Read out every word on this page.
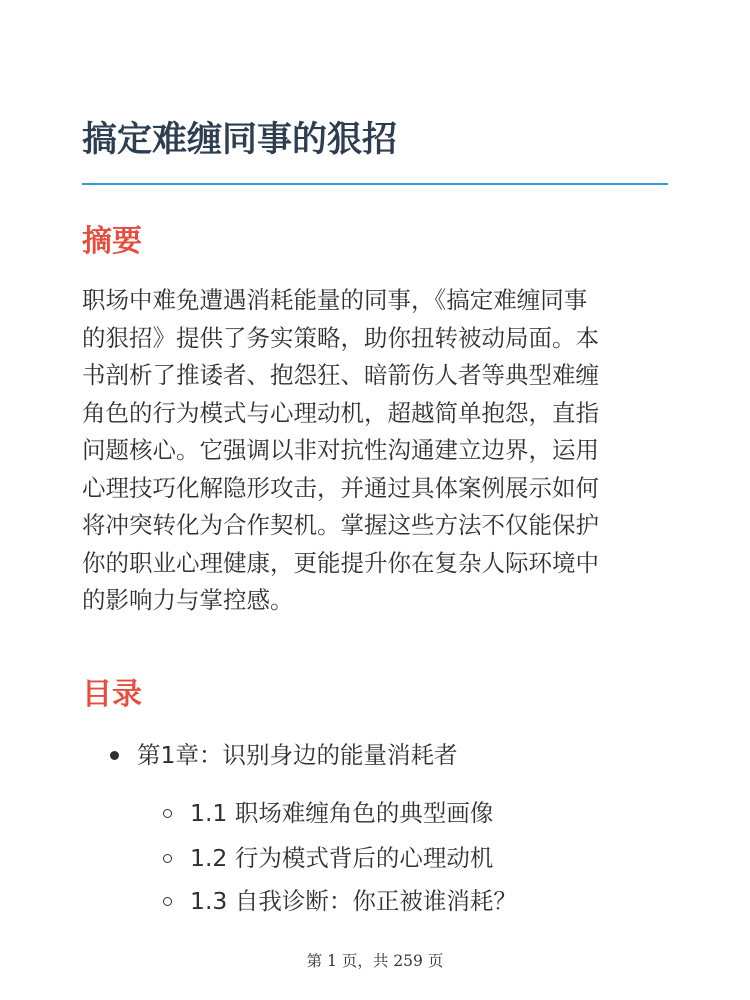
搞定难缠同事的狠招
摘要

职场中难免遭遇消耗能量的同事，《搞定难缠同事
的狠招》提供了务实策略，助你扭转被动局面。本
书剖析了推诿者、抱怨狂、暗箭伤人者等典型难缠
角色的行为模式与心理动机，超越简单抱怨，直指
问题核心。它强调以非对抗性沟通建立边界，运用
心理技巧化解隐形攻击，并通过具体案例展示如何
将冲突转化为合作契机。掌握这些方法不仅能保护
你的职业心理健康，更能提升你在复杂人际环境中
的影响力与掌控感。

目录
第1章：识别身边的能量消耗者
1.1 职场难缠角色的典型画像
1.2 行为模式背后的心理动机
1.3 自我诊断：你正被谁消耗？
第 1 页，共 259 页
